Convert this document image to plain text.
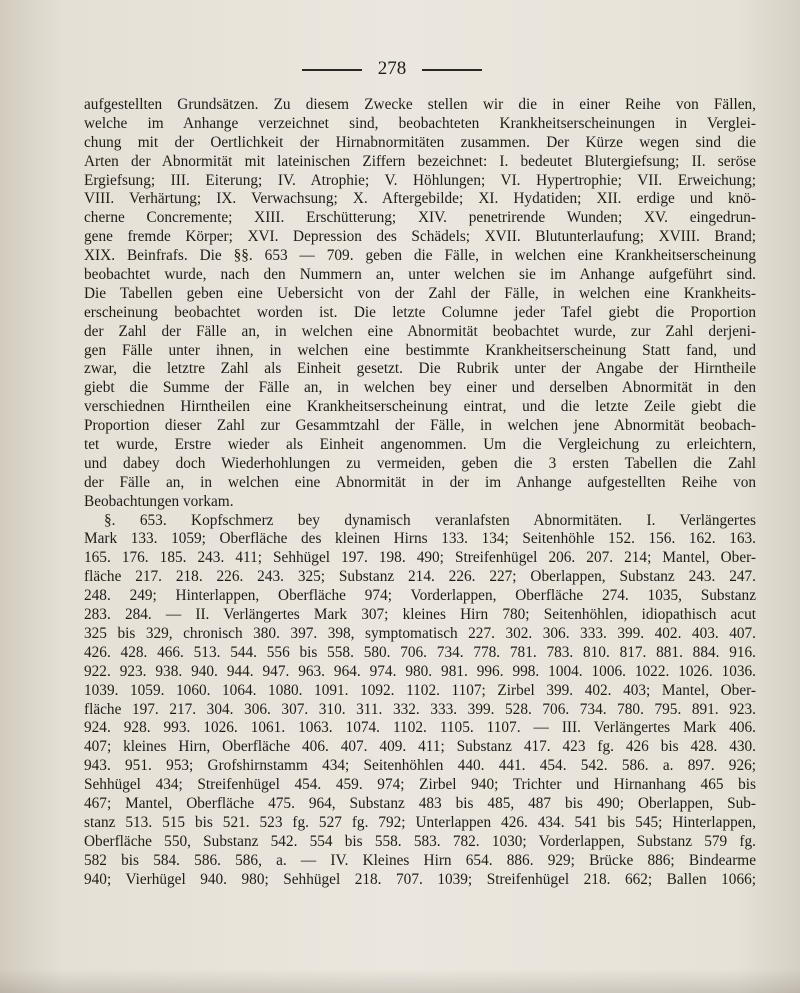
278
aufgestellten Grundsätzen. Zu diesem Zwecke stellen wir die in einer Reihe von Fällen,
welche im Anhange verzeichnet sind, beobachteten Krankheitserscheinungen in Verglei-
chung mit der Oertlichkeit der Hirnabnormitäten zusammen. Der Kürze wegen sind die
Arten der Abnormität mit lateinischen Ziffern bezeichnet: I. bedeutet Blutergiefsung; II. seröse
Ergiefsung; III. Eiterung; IV. Atrophie; V. Höhlungen; VI. Hypertrophie; VII. Erweichung;
VIII. Verhärtung; IX. Verwachsung; X. Aftergebilde; XI. Hydatiden; XII. erdige und knö-
cherne Concremente; XIII. Erschütterung; XIV. penetrirende Wunden; XV. eingedrun-
gene fremde Körper; XVI. Depression des Schädels; XVII. Blutunterlaufung; XVIII. Brand;
XIX. Beinfrafs. Die §§. 653 — 709. geben die Fälle, in welchen eine Krankheitserscheinung
beobachtet wurde, nach den Nummern an, unter welchen sie im Anhange aufgeführt sind.
Die Tabellen geben eine Uebersicht von der Zahl der Fälle, in welchen eine Krankheits-
erscheinung beobachtet worden ist. Die letzte Columne jeder Tafel giebt die Proportion
der Zahl der Fälle an, in welchen eine Abnormität beobachtet wurde, zur Zahl derjeni-
gen Fälle unter ihnen, in welchen eine bestimmte Krankheitserscheinung Statt fand, und
zwar, die letztre Zahl als Einheit gesetzt. Die Rubrik unter der Angabe der Hirntheile
giebt die Summe der Fälle an, in welchen bey einer und derselben Abnormität in den
verschiednen Hirntheilen eine Krankheitserscheinung eintrat, und die letzte Zeile giebt die
Proportion dieser Zahl zur Gesammtzahl der Fälle, in welchen jene Abnormität beobach-
tet wurde, Erstre wieder als Einheit angenommen. Um die Vergleichung zu erleichtern,
und dabey doch Wiederhohlungen zu vermeiden, geben die 3 ersten Tabellen die Zahl
der Fälle an, in welchen eine Abnormität in der im Anhange aufgestellten Reihe von
Beobachtungen vorkam.
§. 653. Kopfschmerz bey dynamisch veranlafsten Abnormitäten. I. Verlängertes
Mark 133. 1059; Oberfläche des kleinen Hirns 133. 134; Seitenhöhle 152. 156. 162. 163.
165. 176. 185. 243. 411; Sehhügel 197. 198. 490; Streifenhügel 206. 207. 214; Mantel, Ober-
fläche 217. 218. 226. 243. 325; Substanz 214. 226. 227; Oberlappen, Substanz 243. 247.
248. 249; Hinterlappen, Oberfläche 974; Vorderlappen, Oberfläche 274. 1035, Substanz
283. 284. — II. Verlängertes Mark 307; kleines Hirn 780; Seitenhöhlen, idiopathisch acut
325 bis 329, chronisch 380. 397. 398, symptomatisch 227. 302. 306. 333. 399. 402. 403. 407.
426. 428. 466. 513. 544. 556 bis 558. 580. 706. 734. 778. 781. 783. 810. 817. 881. 884. 916.
922. 923. 938. 940. 944. 947. 963. 964. 974. 980. 981. 996. 998. 1004. 1006. 1022. 1026. 1036.
1039. 1059. 1060. 1064. 1080. 1091. 1092. 1102. 1107; Zirbel 399. 402. 403; Mantel, Ober-
fläche 197. 217. 304. 306. 307. 310. 311. 332. 333. 399. 528. 706. 734. 780. 795. 891. 923.
924. 928. 993. 1026. 1061. 1063. 1074. 1102. 1105. 1107. — III. Verlängertes Mark 406.
407; kleines Hirn, Oberfläche 406. 407. 409. 411; Substanz 417. 423 fg. 426 bis 428. 430.
943. 951. 953; Grofshirnstamm 434; Seitenhöhlen 440. 441. 454. 542. 586. a. 897. 926;
Sehhügel 434; Streifenhügel 454. 459. 974; Zirbel 940; Trichter und Hirnanhang 465 bis
467; Mantel, Oberfläche 475. 964, Substanz 483 bis 485, 487 bis 490; Oberlappen, Sub-
stanz 513. 515 bis 521. 523 fg. 527 fg. 792; Unterlappen 426. 434. 541 bis 545; Hinterlappen,
Oberfläche 550, Substanz 542. 554 bis 558. 583. 782. 1030; Vorderlappen, Substanz 579 fg.
582 bis 584. 586. 586, a. — IV. Kleines Hirn 654. 886. 929; Brücke 886; Bindearme
940; Vierhügel 940. 980; Sehhügel 218. 707. 1039; Streifenhügel 218. 662; Ballen 1066;
